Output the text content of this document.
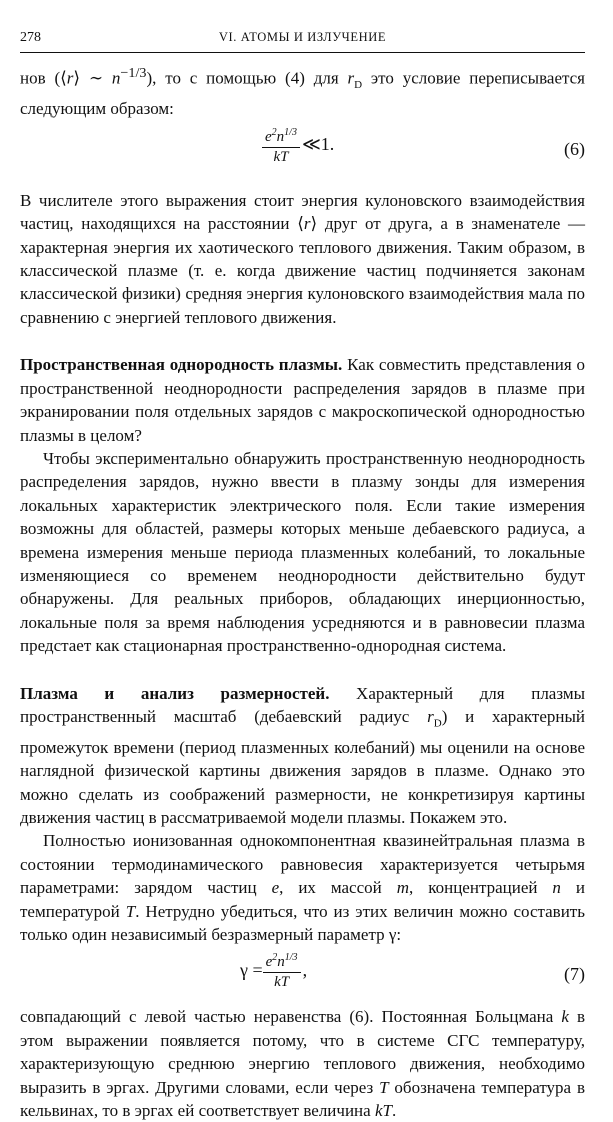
278	VI. АТОМЫ И ИЗЛУЧЕНИЕ

нов (⟨r⟩ ∼ $n^{-1/3}$), то с помощью (4) для $r_D$ это условие переписывается следующим образом:

$\frac{e^2n^{1/3}}{kT}$ ≪1.	(6)

В числителе этого выражения стоит энергия кулоновского взаимодействия частиц, находящихся на расстоянии ⟨r⟩ друг от друга, а в знаменателе — характерная энергия их хаотического теплового движения. Таким образом, в классической плазме (т. е. когда движение частиц подчиняется законам классической физики) средняя энергия кулоновского взаимодействия мала по сравнению с энергией теплового движения.

Пространственная однородность плазмы. Как совместить представления о пространственной неоднородности распределения зарядов в плазме при экранировании поля отдельных зарядов с макроскопической однородностью плазмы в целом?

Чтобы экспериментально обнаружить пространственную неоднородность распределения зарядов, нужно ввести в плазму зонды для измерения локальных характеристик электрического поля. Если такие измерения возможны для областей, размеры которых меньше дебаевского радиуса, а времена измерения меньше периода плазменных колебаний, то локальные изменяющиеся со временем неоднородности действительно будут обнаружены. Для реальных приборов, обладающих инерционностью, локальные поля за время наблюдения усредняются и в равновесии плазма предстает как стационарная пространственно-однородная система.

Плазма и анализ размерностей. Характерный для плазмы пространственный масштаб (дебаевский радиус $r_D$) и характерный промежуток времени (период плазменных колебаний) мы оценили на основе наглядной физической картины движения зарядов в плазме. Однако это можно сделать из соображений размерности, не конкретизируя картины движения частиц в рассматриваемой модели плазмы. Покажем это.

Полностью ионизованная однокомпонентная квазинейтральная плазма в состоянии термодинамического равновесия характеризуется четырьмя параметрами: зарядом частиц e, их массой m, концентрацией n и температурой T. Нетрудно убедиться, что из этих величин можно составить только один независимый безразмерный параметр γ:

$\gamma = \frac{e^2n^{1/3}}{kT}$ ,	(7)

совпадающий с левой частью неравенства (6). Постоянная Больцмана k в этом выражении появляется потому, что в системе СГС температуру, характеризующую среднюю энергию теплового движения, необходимо выразить в эргах. Другими словами, если через T обозначена температура в кельвинах, то в эргах ей соответствует величина kT.
